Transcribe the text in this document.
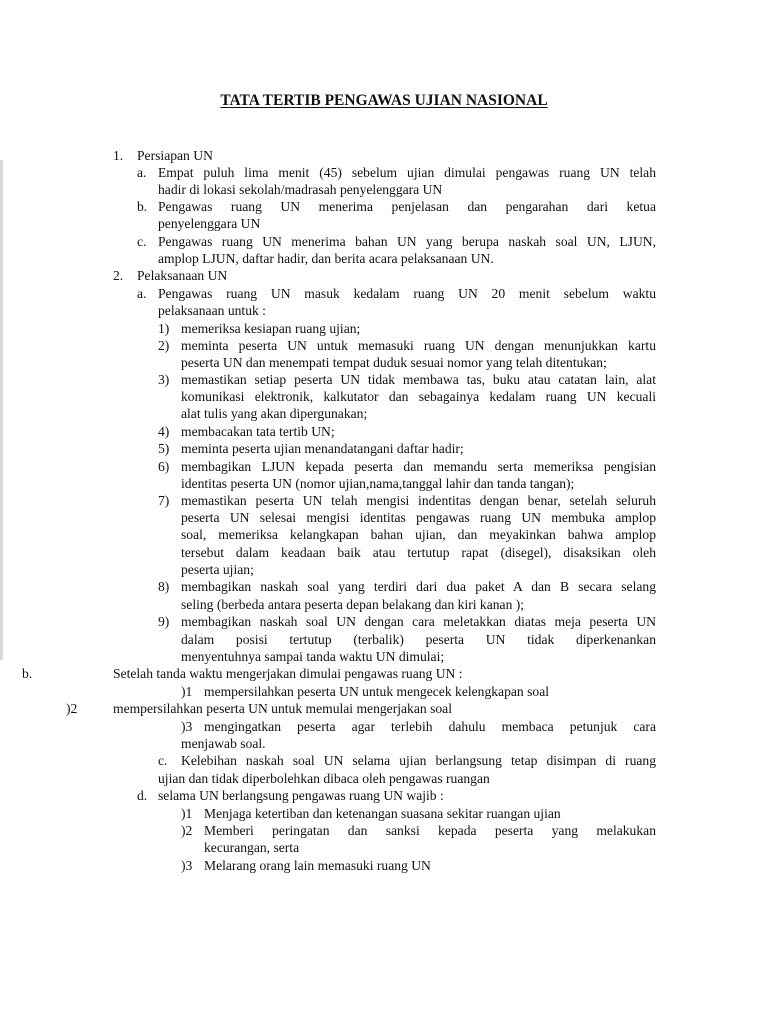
TATA TERTIB PENGAWAS UJIAN NASIONAL
1. Persiapan UN
a. Empat puluh lima menit (45) sebelum ujian dimulai pengawas ruang UN telah
hadir di lokasi sekolah/madrasah penyelenggara UN
b. Pengawas ruang UN menerima penjelasan dan pengarahan dari ketua
penyelenggara UN
c. Pengawas ruang UN menerima bahan UN yang berupa naskah soal UN, LJUN,
amplop LJUN, daftar hadir, dan berita acara pelaksanaan UN.
2. Pelaksanaan UN
a. Pengawas ruang UN masuk kedalam ruang UN 20 menit sebelum waktu
pelaksanaan untuk :
1) memeriksa kesiapan ruang ujian;
2) meminta peserta UN untuk memasuki ruang UN dengan menunjukkan kartu
peserta UN dan menempati tempat duduk sesuai nomor yang telah ditentukan;
3) memastikan setiap peserta UN tidak membawa tas, buku atau catatan lain, alat
komunikasi elektronik, kalkutator dan sebagainya kedalam ruang UN kecuali
alat tulis yang akan dipergunakan;
4) membacakan tata tertib UN;
5) meminta peserta ujian menandatangani daftar hadir;
6) membagikan LJUN kepada peserta dan memandu serta memeriksa pengisian
identitas peserta UN (nomor ujian,nama,tanggal lahir dan tanda tangan);
7) memastikan peserta UN telah mengisi indentitas dengan benar, setelah seluruh
peserta UN selesai mengisi identitas pengawas ruang UN membuka amplop
soal, memeriksa kelangkapan bahan ujian, dan meyakinkan bahwa amplop
tersebut dalam keadaan baik atau tertutup rapat (disegel), disaksikan oleh
peserta ujian;
8) membagikan naskah soal yang terdiri dari dua paket A dan B secara selang
seling (berbeda antara peserta depan belakang dan kiri kanan );
9) membagikan naskah soal UN dengan cara meletakkan diatas meja peserta UN
dalam posisi tertutup (terbalik) peserta UN tidak diperkenankan
menyentuhnya sampai tanda waktu UN dimulai;
b.	Setelah tanda waktu mengerjakan dimulai pengawas ruang UN :
)1 mempersilahkan peserta UN untuk mengecek kelengkapan soal
)2	mempersilahkan peserta UN untuk memulai mengerjakan soal
)3 mengingatkan peserta agar terlebih dahulu membaca petunjuk cara
menjawab soal.
c. Kelebihan naskah soal UN selama ujian berlangsung tetap disimpan di ruang
ujian dan tidak diperbolehkan dibaca oleh pengawas ruangan
d. selama UN berlangsung pengawas ruang UN wajib :
)1 Menjaga ketertiban dan ketenangan suasana sekitar ruangan ujian
)2 Memberi peringatan dan sanksi kepada peserta yang melakukan
kecurangan, serta
)3 Melarang orang lain memasuki ruang UN
